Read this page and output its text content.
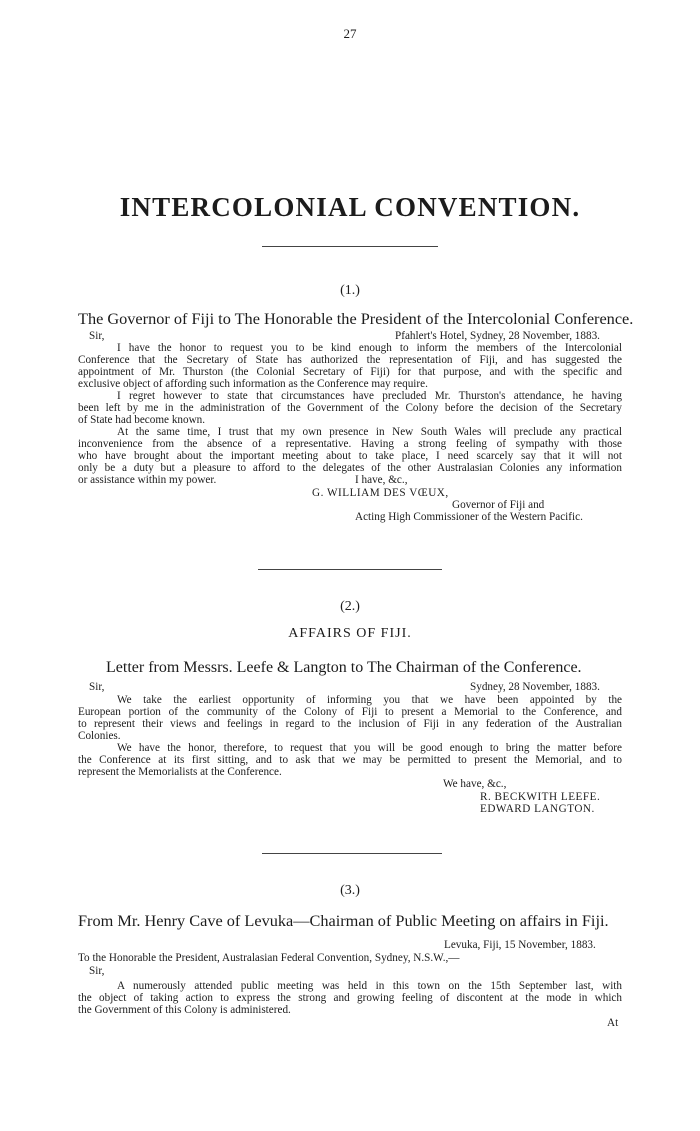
27
INTERCOLONIAL CONVENTION.
(1.)
The Governor of Fiji to The Honorable the President of the Intercolonial Conference.
Sir,	Pfahlert's Hotel, Sydney, 28 November, 1883.
I have the honor to request you to be kind enough to inform the members of the Intercolonial
Conference that the Secretary of State has authorized the representation of Fiji, and has suggested the
appointment of Mr. Thurston (the Colonial Secretary of Fiji) for that purpose, and with the specific and
exclusive object of affording such information as the Conference may require.
I regret however to state that circumstances have precluded Mr. Thurston's attendance, he having
been left by me in the administration of the Government of the Colony before the decision of the Secretary
of State had become known.
At the same time, I trust that my own presence in New South Wales will preclude any practical
inconvenience from the absence of a representative. Having a strong feeling of sympathy with those
who have brought about the important meeting about to take place, I need scarcely say that it will not
only be a duty but a pleasure to afford to the delegates of the other Australasian Colonies any information
or assistance within my power.	I have, &c.,
G. WILLIAM DES VŒUX,
Governor of Fiji and
Acting High Commissioner of the Western Pacific.
(2.)
AFFAIRS OF FIJI.
Letter from Messrs. Leefe & Langton to The Chairman of the Conference.
Sir,	Sydney, 28 November, 1883.
We take the earliest opportunity of informing you that we have been appointed by the
European portion of the community of the Colony of Fiji to present a Memorial to the Conference, and
to represent their views and feelings in regard to the inclusion of Fiji in any federation of the Australian
Colonies.
We have the honor, therefore, to request that you will be good enough to bring the matter before
the Conference at its first sitting, and to ask that we may be permitted to present the Memorial, and to
represent the Memorialists at the Conference.
We have, &c.,
R. BECKWITH LEEFE.
EDWARD LANGTON.
(3.)
From Mr. Henry Cave of Levuka—Chairman of Public Meeting on affairs in Fiji.
Levuka, Fiji, 15 November, 1883.
To the Honorable the President, Australasian Federal Convention, Sydney, N.S.W.,—
Sir,
A numerously attended public meeting was held in this town on the 15th September last, with
the object of taking action to express the strong and growing feeling of discontent at the mode in which
the Government of this Colony is administered.
At
